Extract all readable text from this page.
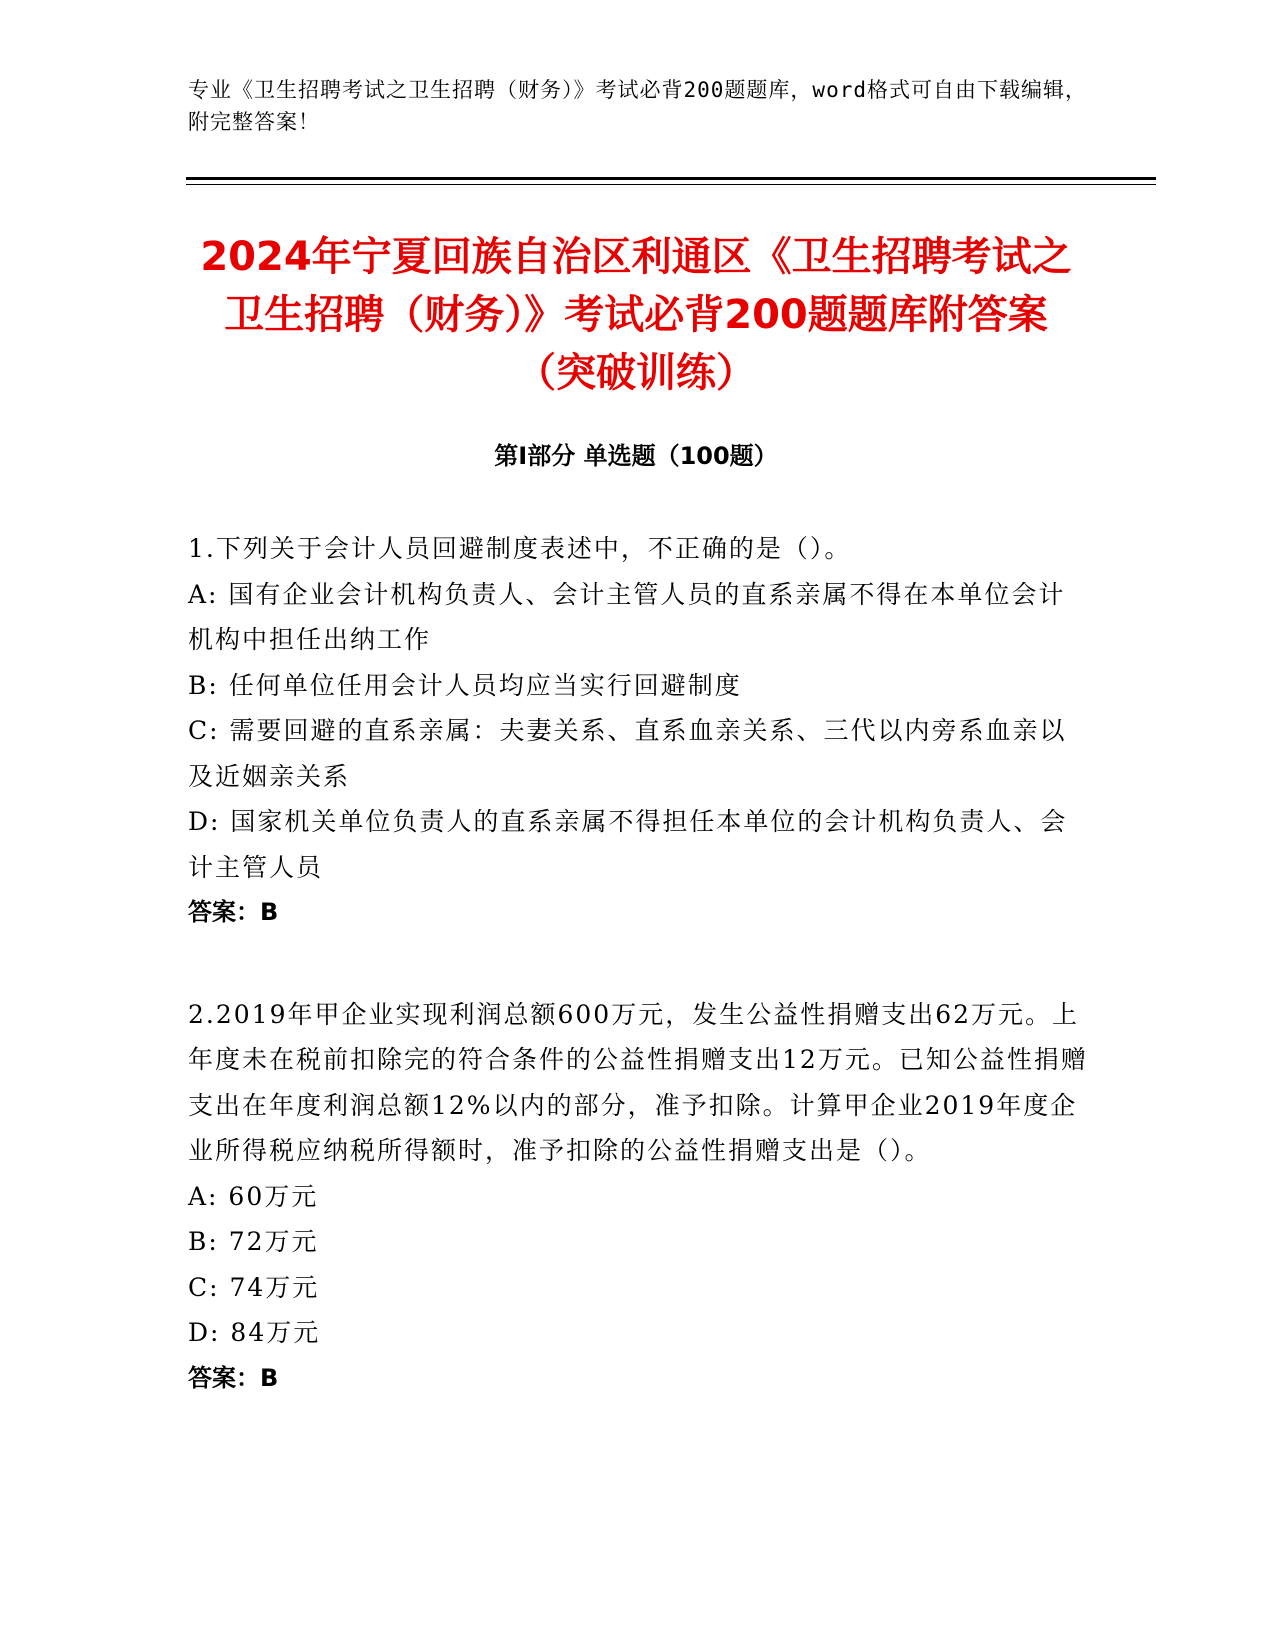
专业《卫生招聘考试之卫生招聘（财务）》考试必背200题题库，word格式可自由下载编辑，附完整答案！
2024年宁夏回族自治区利通区《卫生招聘考试之卫生招聘（财务）》考试必背200题题库附答案（突破训练）
第Ⅰ部分 单选题（100题）
1.下列关于会计人员回避制度表述中，不正确的是（）。
A: 国有企业会计机构负责人、会计主管人员的直系亲属不得在本单位会计机构中担任出纳工作
B: 任何单位任用会计人员均应当实行回避制度
C: 需要回避的直系亲属：夫妻关系、直系血亲关系、三代以内旁系血亲以及近姻亲关系
D: 国家机关单位负责人的直系亲属不得担任本单位的会计机构负责人、会计主管人员
答案：B
2.2019年甲企业实现利润总额600万元，发生公益性捐赠支出62万元。上年度未在税前扣除完的符合条件的公益性捐赠支出12万元。已知公益性捐赠支出在年度利润总额12%以内的部分，准予扣除。计算甲企业2019年度企业所得税应纳税所得额时，准予扣除的公益性捐赠支出是（）。
A: 60万元
B: 72万元
C: 74万元
D: 84万元
答案：B
